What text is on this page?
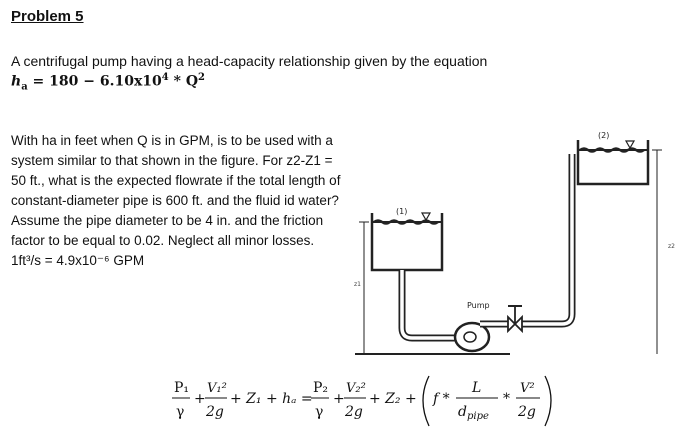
Problem 5
A centrifugal pump having a head-capacity relationship given by the equation
$h_a = 180 - 6.10x10^4 * Q^2$

With ha in feet when Q is in GPM, is to be used with a system similar to that shown in the figure. For z2-Z1 = 50 ft., what is the expected flowrate if the total length of constant-diameter pipe is 600 ft. and the fluid id water?

Assume the pipe diameter to be 4 in. and the friction factor to be equal to 0.02. Neglect all minor losses. 1ft³/s = 4.9x10⁻⁶ GPM

(1)
z1
Pump
(2)
z2
P₁
γ
+
V₁²
2g
+ Z₁ + hₐ =
P₂
γ
+
V₂²
2g
+ Z₂ + f *
L
$d_{pipe}$
*
V²
2g
